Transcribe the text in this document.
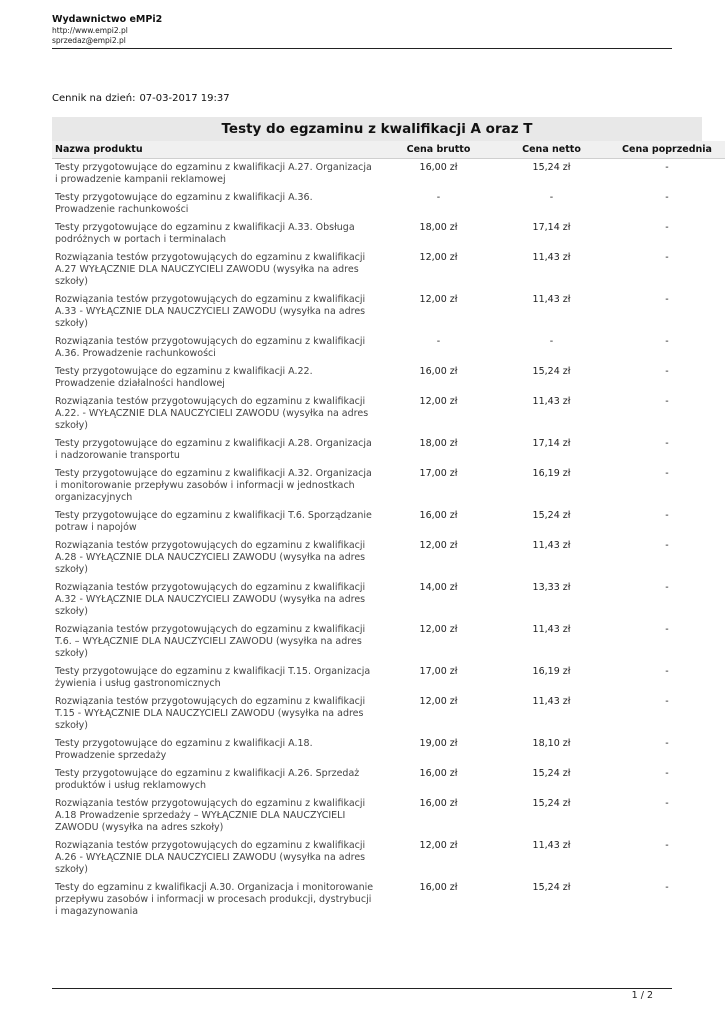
Wydawnictwo eMPi2
http://www.empi2.pl
sprzedaz@empi2.pl
Cennik na dzień: 07-03-2017 19:37
Testy do egzaminu z kwalifikacji A oraz T
Nazwa produktu	Cena brutto	Cena netto	Cena poprzednia
Testy przygotowujące do egzaminu z kwalifikacji A.27. Organizacja i prowadzenie kampanii reklamowej	16,00 zł	15,24 zł	-
Testy przygotowujące do egzaminu z kwalifikacji A.36. Prowadzenie rachunkowości	-	-	-
Testy przygotowujące do egzaminu z kwalifikacji A.33. Obsługa podróżnych w portach i terminalach	18,00 zł	17,14 zł	-
Rozwiązania testów przygotowujących do egzaminu z kwalifikacji A.27 WYŁĄCZNIE DLA NAUCZYCIELI ZAWODU (wysyłka na adres szkoły)	12,00 zł	11,43 zł	-
Rozwiązania testów przygotowujących do egzaminu z kwalifikacji A.33 - WYŁĄCZNIE DLA NAUCZYCIELI ZAWODU (wysyłka na adres szkoły)	12,00 zł	11,43 zł	-
Rozwiązania testów przygotowujących do egzaminu z kwalifikacji A.36. Prowadzenie rachunkowości	-	-	-
Testy przygotowujące do egzaminu z kwalifikacji A.22. Prowadzenie działalności handlowej	16,00 zł	15,24 zł	-
Rozwiązania testów przygotowujących do egzaminu z kwalifikacji A.22. - WYŁĄCZNIE DLA NAUCZYCIELI ZAWODU (wysyłka na adres szkoły)	12,00 zł	11,43 zł	-
Testy przygotowujące do egzaminu z kwalifikacji A.28. Organizacja i nadzorowanie transportu	18,00 zł	17,14 zł	-
Testy przygotowujące do egzaminu z kwalifikacji A.32. Organizacja i monitorowanie przepływu zasobów i informacji w jednostkach organizacyjnych	17,00 zł	16,19 zł	-
Testy przygotowujące do egzaminu z kwalifikacji T.6. Sporządzanie potraw i napojów	16,00 zł	15,24 zł	-
Rozwiązania testów przygotowujących do egzaminu z kwalifikacji A.28 - WYŁĄCZNIE DLA NAUCZYCIELI ZAWODU (wysyłka na adres szkoły)	12,00 zł	11,43 zł	-
Rozwiązania testów przygotowujących do egzaminu z kwalifikacji A.32 - WYŁĄCZNIE DLA NAUCZYCIELI ZAWODU (wysyłka na adres szkoły)	14,00 zł	13,33 zł	-
Rozwiązania testów przygotowujących do egzaminu z kwalifikacji T.6. – WYŁĄCZNIE DLA NAUCZYCIELI ZAWODU (wysyłka na adres szkoły)	12,00 zł	11,43 zł	-
Testy przygotowujące do egzaminu z kwalifikacji T.15. Organizacja żywienia i usług gastronomicznych	17,00 zł	16,19 zł	-
Rozwiązania testów przygotowujących do egzaminu z kwalifikacji T.15 - WYŁĄCZNIE DLA NAUCZYCIELI ZAWODU (wysyłka na adres szkoły)	12,00 zł	11,43 zł	-
Testy przygotowujące do egzaminu z kwalifikacji A.18. Prowadzenie sprzedaży	19,00 zł	18,10 zł	-
Testy przygotowujące do egzaminu z kwalifikacji A.26. Sprzedaż produktów i usług reklamowych	16,00 zł	15,24 zł	-
Rozwiązania testów przygotowujących do egzaminu z kwalifikacji A.18 Prowadzenie sprzedaży – WYŁĄCZNIE DLA NAUCZYCIELI ZAWODU (wysyłka na adres szkoły)	16,00 zł	15,24 zł	-
Rozwiązania testów przygotowujących do egzaminu z kwalifikacji A.26 - WYŁĄCZNIE DLA NAUCZYCIELI ZAWODU (wysyłka na adres szkoły)	12,00 zł	11,43 zł	-
Testy do egzaminu z kwalifikacji A.30. Organizacja i monitorowanie przepływu zasobów i informacji w procesach produkcji, dystrybucji i magazynowania	16,00 zł	15,24 zł	-
1 / 2
